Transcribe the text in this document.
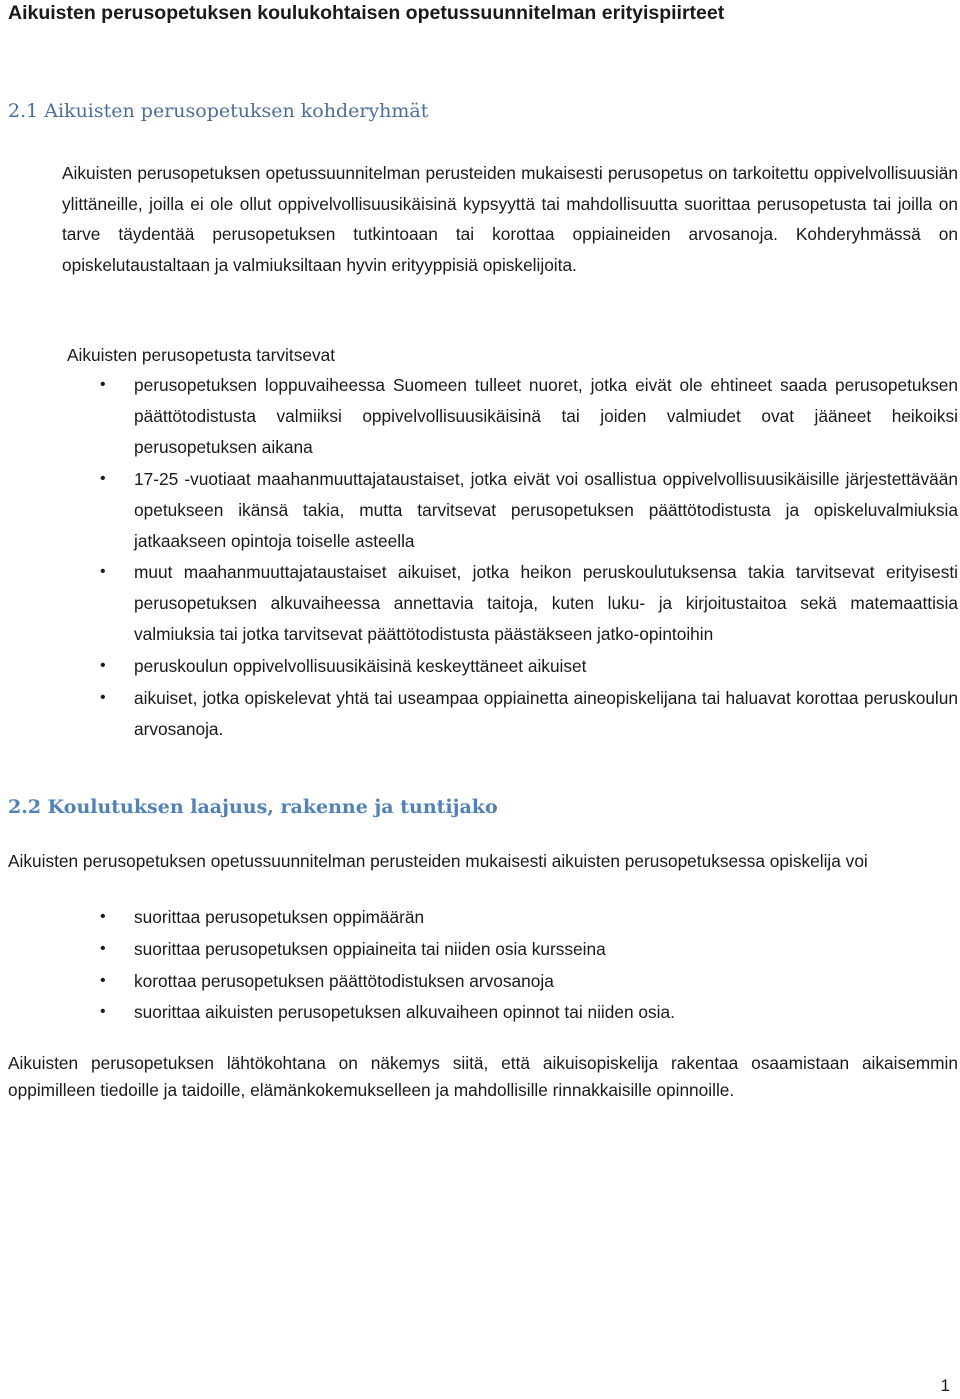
Aikuisten perusopetuksen koulukohtaisen opetussuunnitelman erityispiirteet
2.1 Aikuisten perusopetuksen kohderyhmät

Aikuisten perusopetuksen opetussuunnitelman perusteiden mukaisesti perusopetus on tarkoitettu oppivelvollisuusiän ylittäneille, joilla ei ole ollut oppivelvollisuusikäisinä kypsyyttä tai mahdollisuutta suorittaa perusopetusta tai joilla on tarve täydentää perusopetuksen tutkintoaan tai korottaa oppiaineiden arvosanoja. Kohderyhmässä on opiskelutaustaltaan ja valmiuksiltaan hyvin erityyppisiä opiskelijoita.

Aikuisten perusopetusta tarvitsevat
• perusopetuksen loppuvaiheessa Suomeen tulleet nuoret, jotka eivät ole ehtineet saada perusopetuksen päättötodistusta valmiiksi oppivelvollisuusikäisinä tai joiden valmiudet ovat jääneet heikoiksi perusopetuksen aikana
• 17-25 -vuotiaat maahanmuuttajataustaiset, jotka eivät voi osallistua oppivelvollisuusikäisille järjestettävään opetukseen ikänsä takia, mutta tarvitsevat perusopetuksen päättötodistusta ja opiskeluvalmiuksia jatkaakseen opintoja toiselle asteella
• muut maahanmuuttajataustaiset aikuiset, jotka heikon peruskoulutuksensa takia tarvitsevat erityisesti perusopetuksen alkuvaiheessa annettavia taitoja, kuten luku- ja kirjoitustaitoa sekä matemaattisia valmiuksia tai jotka tarvitsevat päättötodistusta päästäkseen jatko-opintoihin
• peruskoulun oppivelvollisuusikäisinä keskeyttäneet aikuiset
• aikuiset, jotka opiskelevat yhtä tai useampaa oppiainetta aineopiskelijana tai haluavat korottaa peruskoulun arvosanoja.
2.2 Koulutuksen laajuus, rakenne ja tuntijako

Aikuisten perusopetuksen opetussuunnitelman perusteiden mukaisesti aikuisten perusopetuksessa opiskelija voi

• suorittaa perusopetuksen oppimäärän
• suorittaa perusopetuksen oppiaineita tai niiden osia kursseina
• korottaa perusopetuksen päättötodistuksen arvosanoja
• suorittaa aikuisten perusopetuksen alkuvaiheen opinnot tai niiden osia.

Aikuisten perusopetuksen lähtökohtana on näkemys siitä, että aikuisopiskelija rakentaa osaamistaan aikaisemmin oppimilleen tiedoille ja taidoille, elämänkokemukselleen ja mahdollisille rinnakkaisille opinnoille.

1
